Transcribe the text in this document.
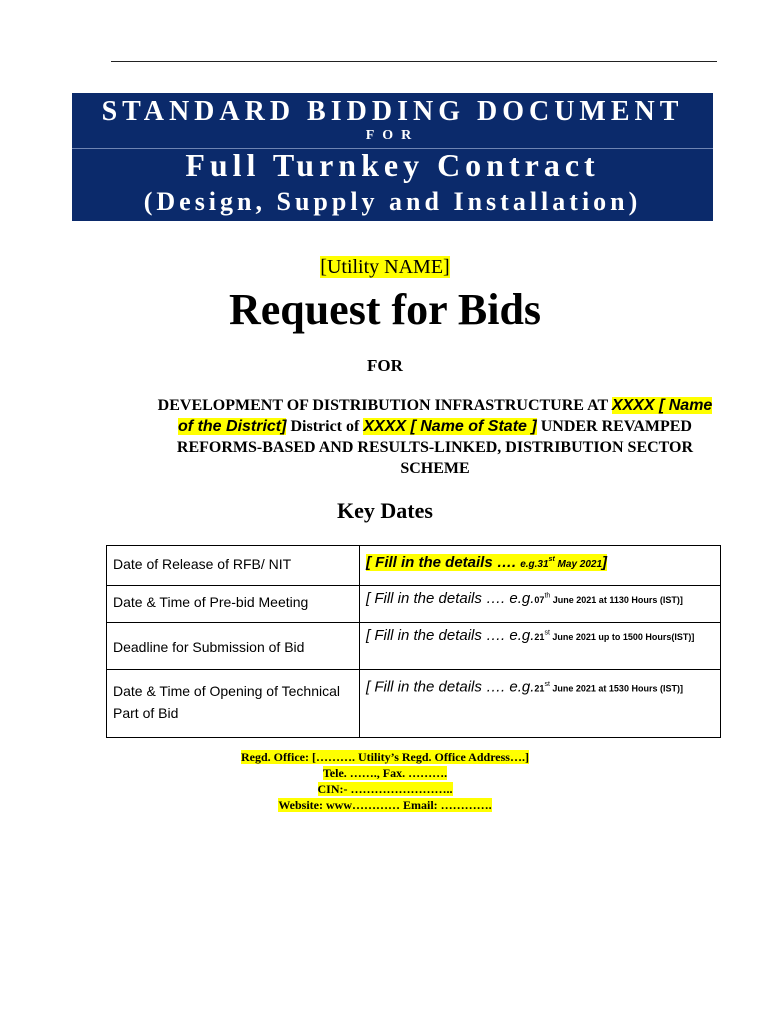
STANDARD BIDDING DOCUMENT
FOR
Full Turnkey Contract
(Design, Supply and Installation)
[Utility NAME]
Request for Bids
FOR
DEVELOPMENT OF DISTRIBUTION INFRASTRUCTURE AT XXXX [ Name of the District] District of XXXX [ Name of State ] UNDER REVAMPED REFORMS-BASED AND RESULTS-LINKED, DISTRIBUTION SECTOR SCHEME
Key Dates
Date of Release of RFB/ NIT	[ Fill in the details …. e.g.31st May 2021]

Date & Time of Pre-bid Meeting	[ Fill in the details …. e.g.07th June 2021 at 1130 Hours (IST)]

Deadline for Submission of Bid	[ Fill in the details …. e.g.21st June 2021 up to 1500 Hours(IST)]

Date & Time of Opening of Technical Part of Bid	[ Fill in the details …. e.g.21st June 2021 at 1530 Hours (IST)]
Regd. Office: [………. Utility’s Regd. Office Address….]
Tele. ……., Fax. ……….
CIN:- ……………………..
Website: www………… Email: ………….
